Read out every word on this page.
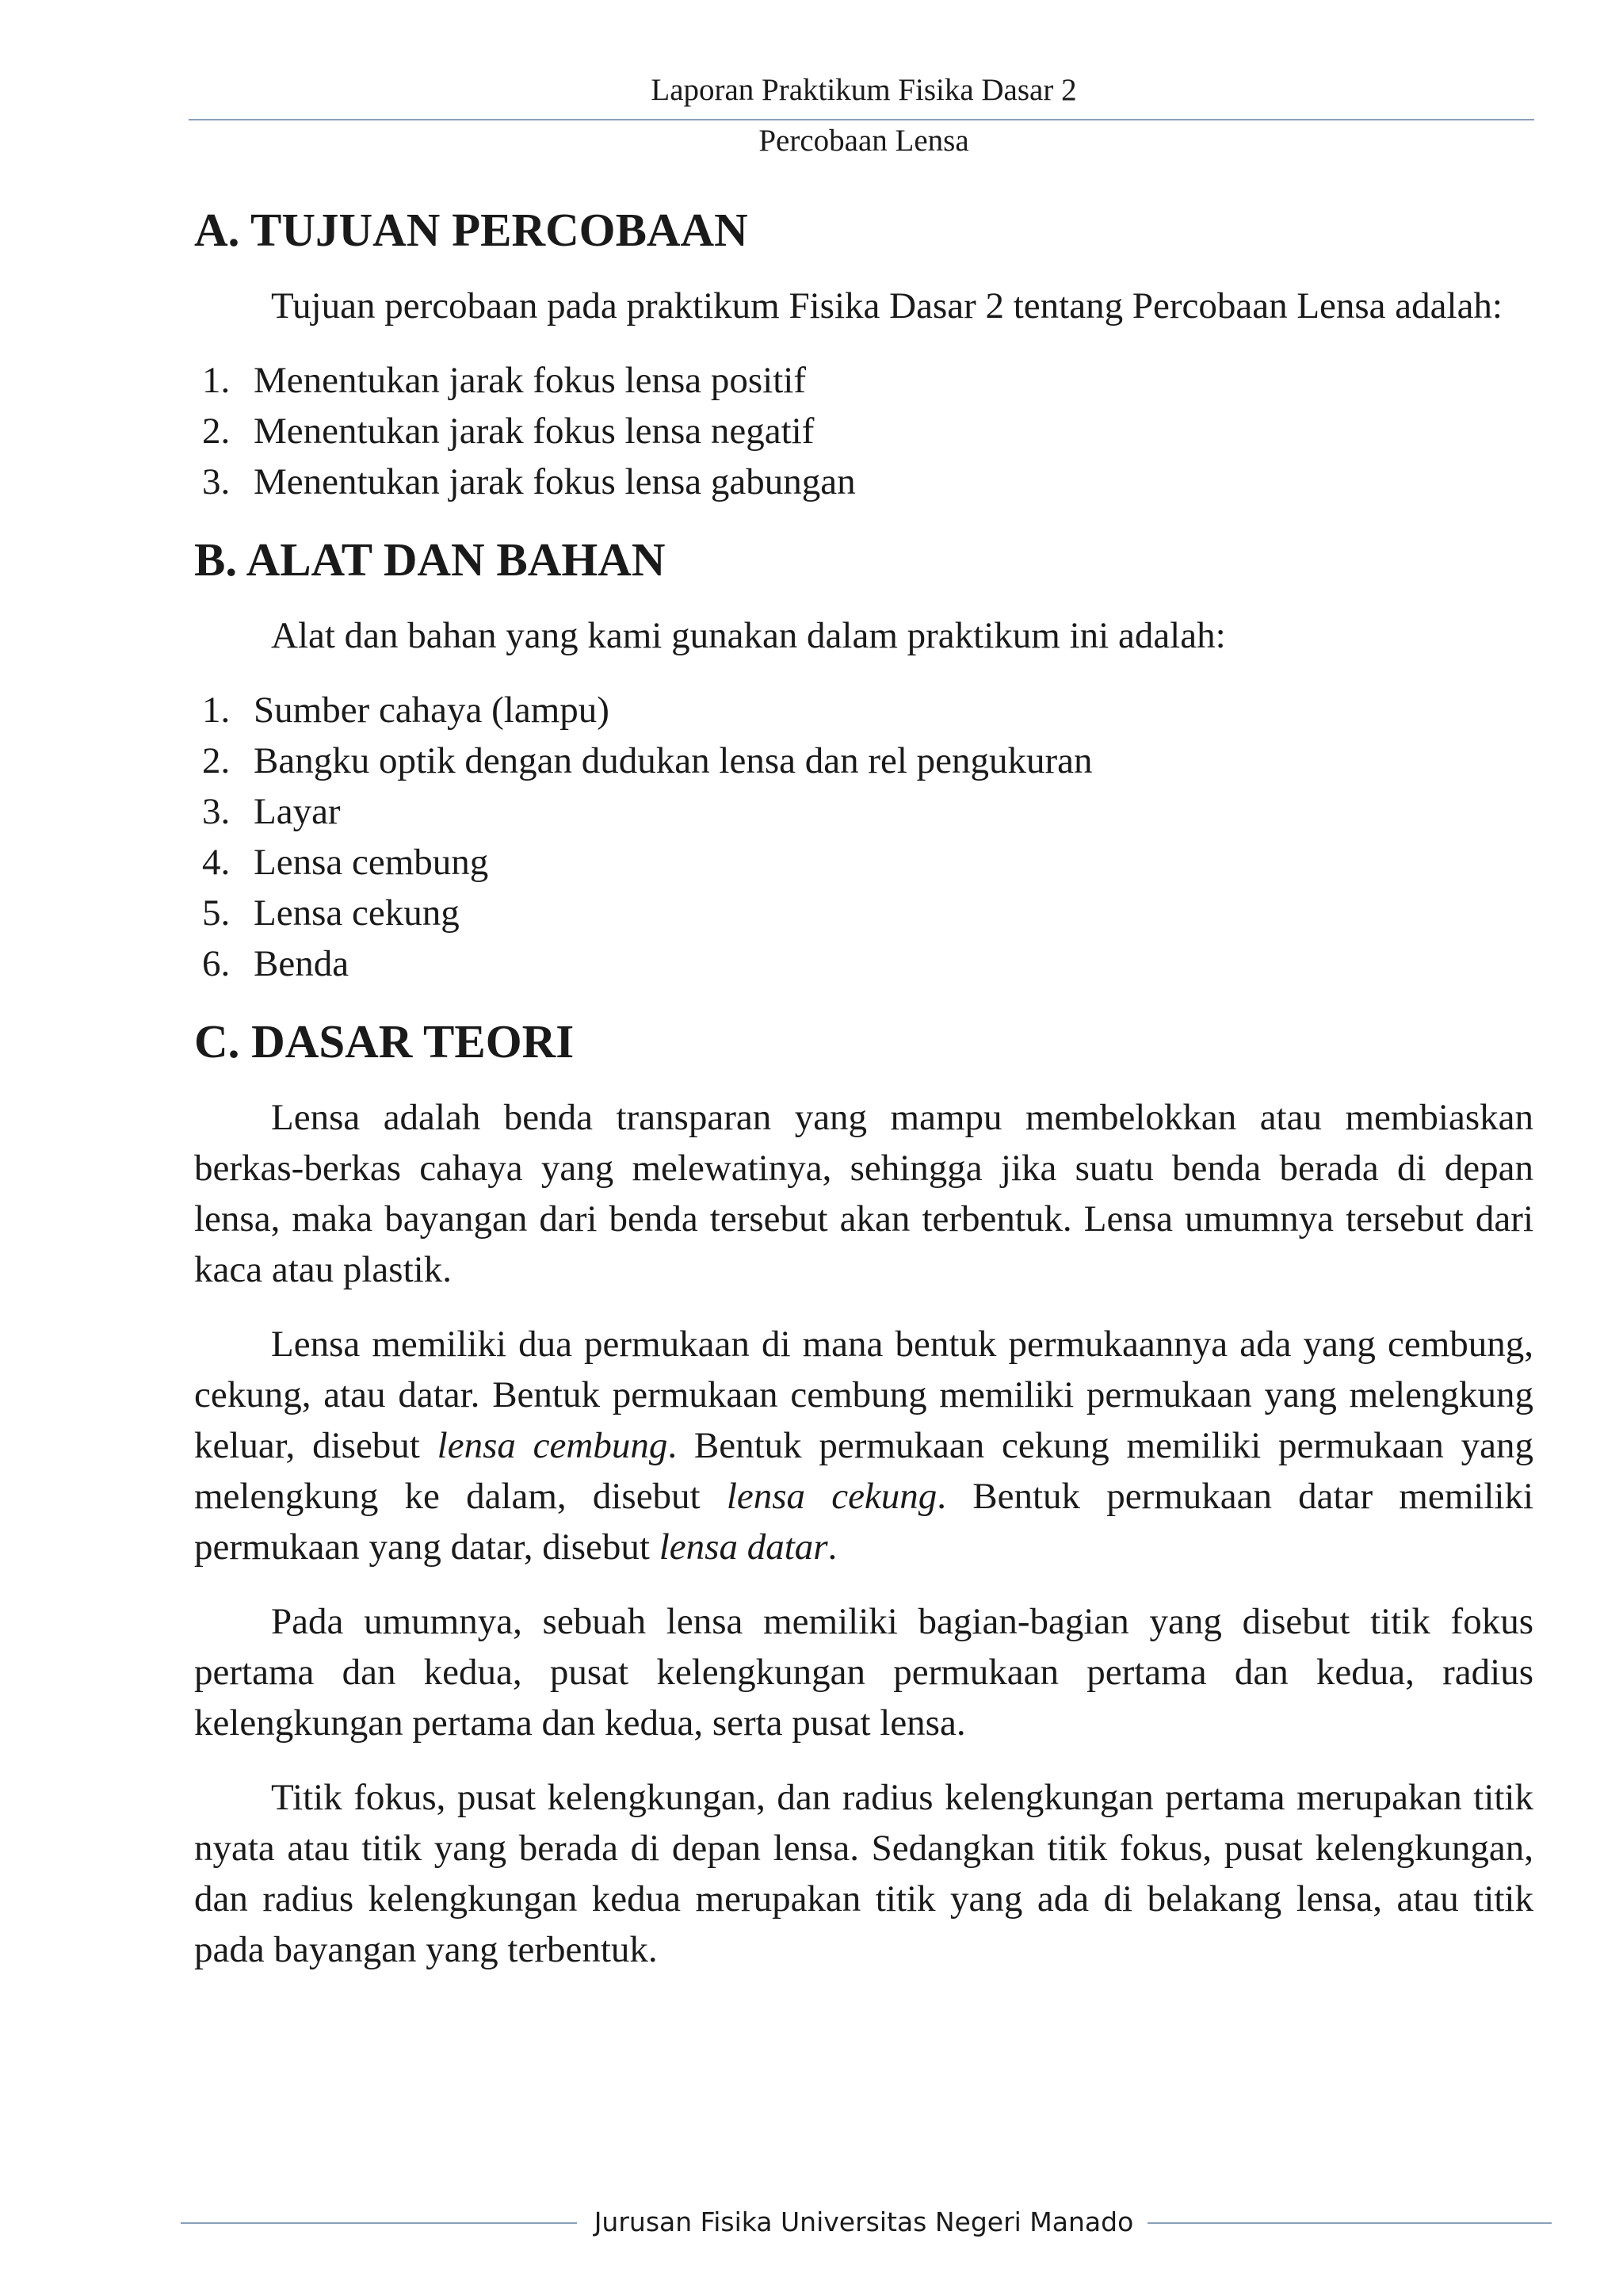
Laporan Praktikum Fisika Dasar 2
Percobaan Lensa
A. TUJUAN PERCOBAAN

Tujuan percobaan pada praktikum Fisika Dasar 2 tentang Percobaan Lensa adalah:

1. Menentukan jarak fokus lensa positif
2. Menentukan jarak fokus lensa negatif
3. Menentukan jarak fokus lensa gabungan
B. ALAT DAN BAHAN

Alat dan bahan yang kami gunakan dalam praktikum ini adalah:

1. Sumber cahaya (lampu)
2. Bangku optik dengan dudukan lensa dan rel pengukuran
3. Layar
4. Lensa cembung
5. Lensa cekung
6. Benda
C. DASAR TEORI

Lensa adalah benda transparan yang mampu membelokkan atau membiaskan berkas-berkas cahaya yang melewatinya, sehingga jika suatu benda berada di depan lensa, maka bayangan dari benda tersebut akan terbentuk. Lensa umumnya tersebut dari kaca atau plastik.

Lensa memiliki dua permukaan di mana bentuk permukaannya ada yang cembung, cekung, atau datar. Bentuk permukaan cembung memiliki permukaan yang melengkung keluar, disebut lensa cembung. Bentuk permukaan cekung memiliki permukaan yang melengkung ke dalam, disebut lensa cekung. Bentuk permukaan datar memiliki permukaan yang datar, disebut lensa datar.

Pada umumnya, sebuah lensa memiliki bagian-bagian yang disebut titik fokus pertama dan kedua, pusat kelengkungan permukaan pertama dan kedua, radius kelengkungan pertama dan kedua, serta pusat lensa.

Titik fokus, pusat kelengkungan, dan radius kelengkungan pertama merupakan titik nyata atau titik yang berada di depan lensa. Sedangkan titik fokus, pusat kelengkungan, dan radius kelengkungan kedua merupakan titik yang ada di belakang lensa, atau titik pada bayangan yang terbentuk.

Jurusan Fisika Universitas Negeri Manado
